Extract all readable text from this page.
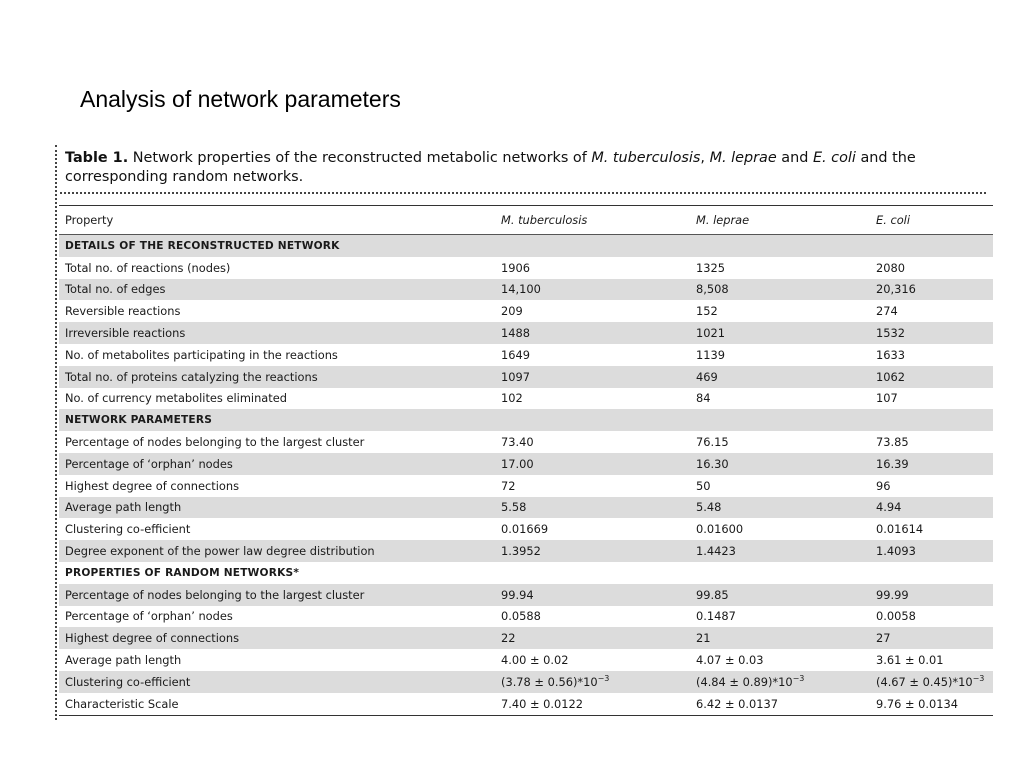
Analysis of network parameters
Table 1. Network properties of the reconstructed metabolic networks of M. tuberculosis, M. leprae and E. coli and the corresponding random networks.
Property	M. tuberculosis	M. leprae	E. coli
DETAILS OF THE RECONSTRUCTED NETWORK			
Total no. of reactions (nodes)	1906	1325	2080
Total no. of edges	14,100	8,508	20,316
Reversible reactions	209	152	274
Irreversible reactions	1488	1021	1532
No. of metabolites participating in the reactions	1649	1139	1633
Total no. of proteins catalyzing the reactions	1097	469	1062
No. of currency metabolites eliminated	102	84	107
NETWORK PARAMETERS			
Percentage of nodes belonging to the largest cluster	73.40	76.15	73.85
Percentage of ‘orphan’ nodes	17.00	16.30	16.39
Highest degree of connections	72	50	96
Average path length	5.58	5.48	4.94
Clustering co-efficient	0.01669	0.01600	0.01614
Degree exponent of the power law degree distribution	1.3952	1.4423	1.4093
PROPERTIES OF RANDOM NETWORKS*			
Percentage of nodes belonging to the largest cluster	99.94	99.85	99.99
Percentage of ‘orphan’ nodes	0.0588	0.1487	0.0058
Highest degree of connections	22	21	27
Average path length	4.00 ± 0.02	4.07 ± 0.03	3.61 ± 0.01
Clustering co-efficient	$(3.78 \pm 0.56)*10^{-3}$	$(4.84 \pm 0.89)*10^{-3}$	$(4.67 \pm 0.45)*10^{-3}$
Characteristic Scale	7.40 ± 0.0122	6.42 ± 0.0137	9.76 ± 0.0134
